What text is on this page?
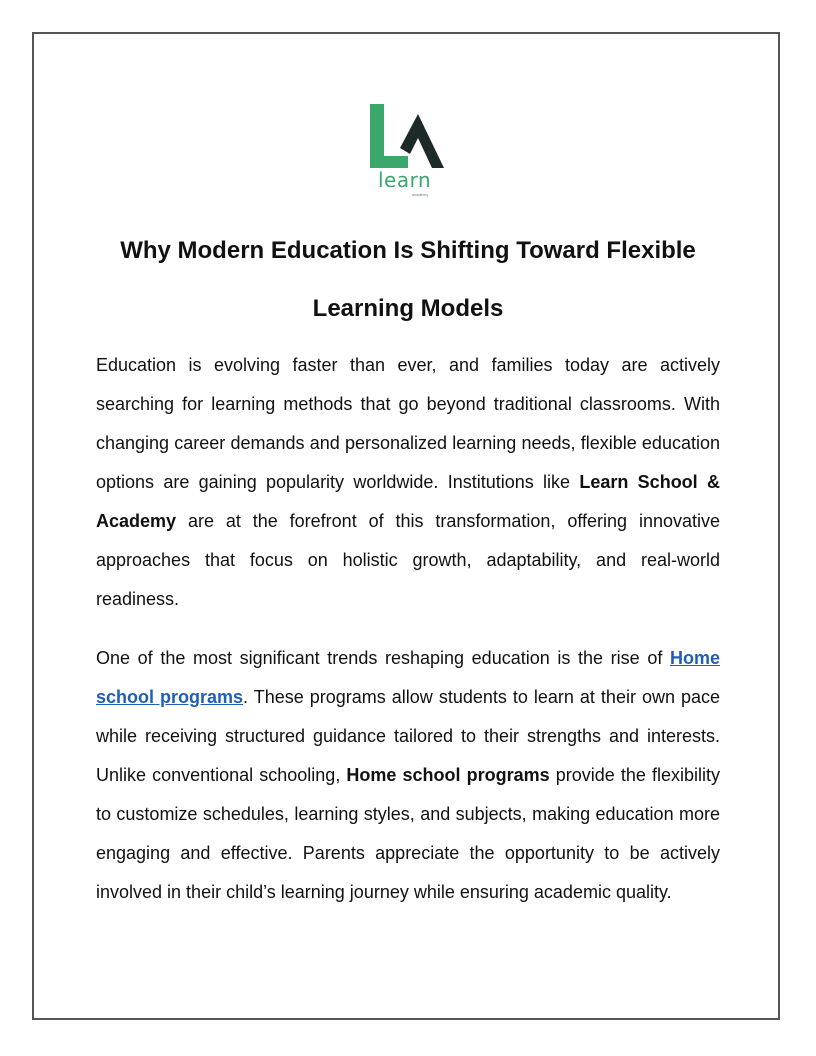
learn
academy
Why Modern Education Is Shifting Toward Flexible Learning Models

Education is evolving faster than ever, and families today are actively searching for learning methods that go beyond traditional classrooms. With changing career demands and personalized learning needs, flexible education options are gaining popularity worldwide. Institutions like Learn School & Academy are at the forefront of this transformation, offering innovative approaches that focus on holistic growth, adaptability, and real-world readiness.

One of the most significant trends reshaping education is the rise of Home school programs. These programs allow students to learn at their own pace while receiving structured guidance tailored to their strengths and interests. Unlike conventional schooling, Home school programs provide the flexibility to customize schedules, learning styles, and subjects, making education more engaging and effective. Parents appreciate the opportunity to be actively involved in their child’s learning journey while ensuring academic quality.
